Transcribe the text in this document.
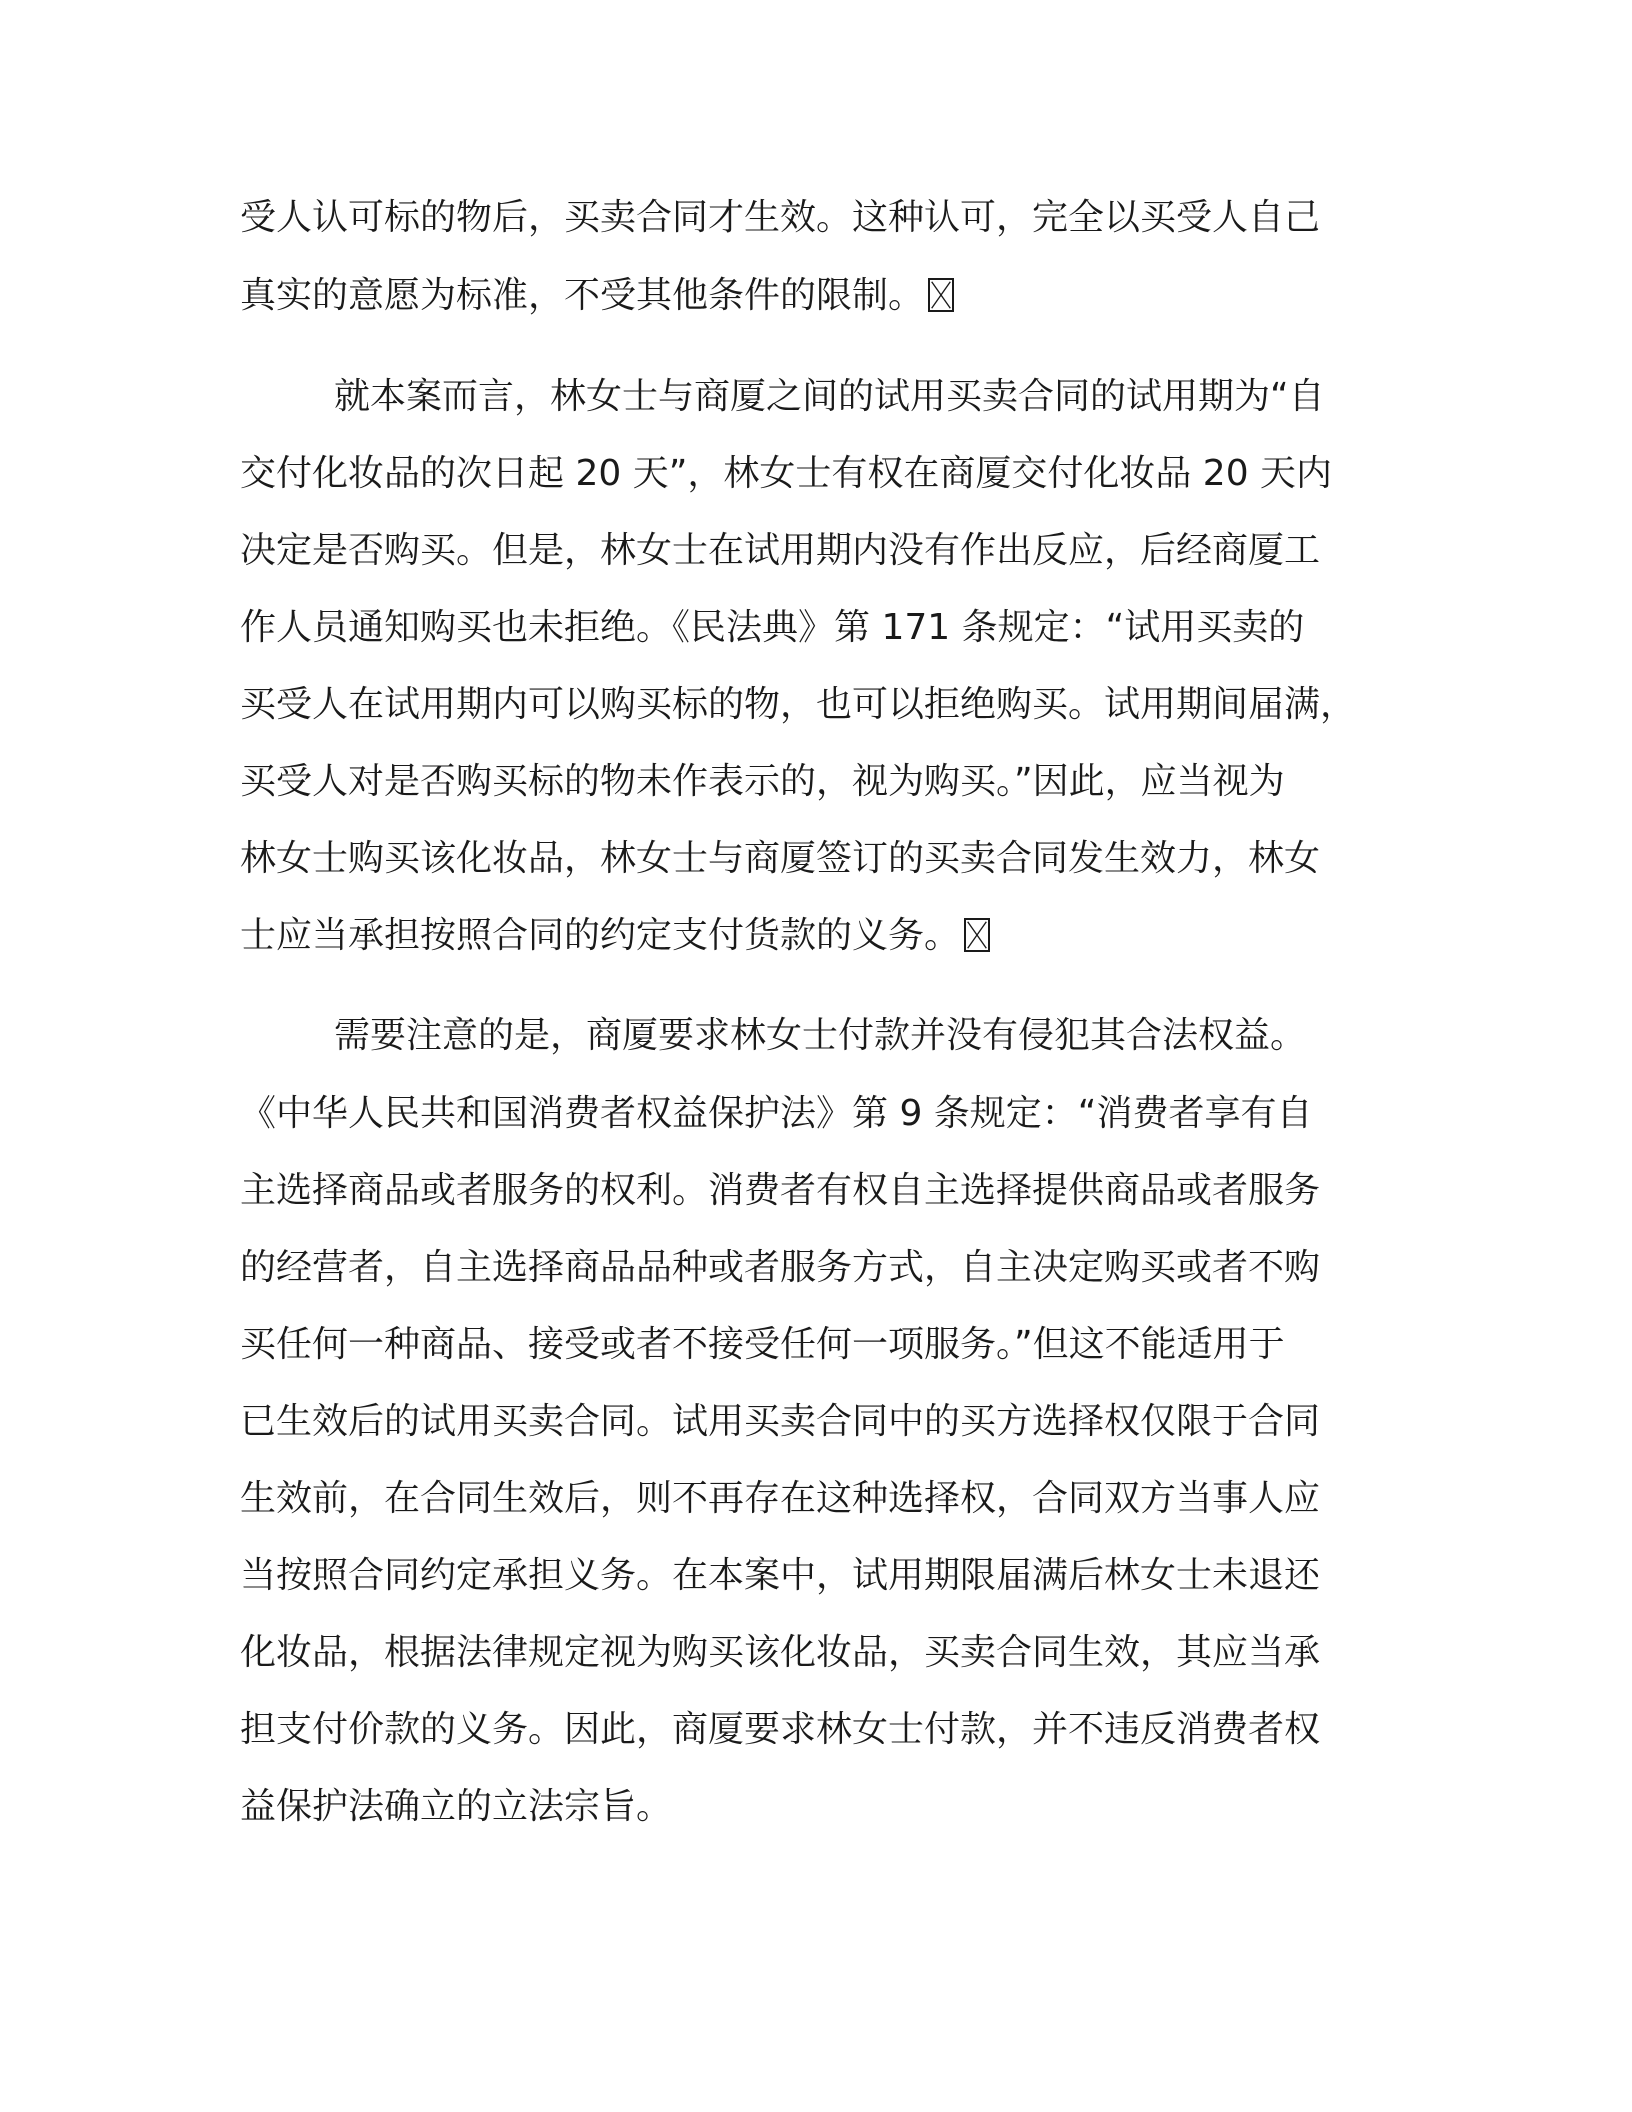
受人认可标的物后，买卖合同才生效。这种认可，完全以买受人自己
真实的意愿为标准，不受其他条件的限制。
就本案而言，林女士与商厦之间的试用买卖合同的试用期为“自
交付化妆品的次日起 20 天”，林女士有权在商厦交付化妆品 20 天内
决定是否购买。但是，林女士在试用期内没有作出反应，后经商厦工
作人员通知购买也未拒绝。《民法典》第 171 条规定：“试用买卖的
买受人在试用期内可以购买标的物，也可以拒绝购买。试用期间届满，
买受人对是否购买标的物未作表示的，视为购买。”因此，应当视为
林女士购买该化妆品，林女士与商厦签订的买卖合同发生效力，林女
士应当承担按照合同的约定支付货款的义务。
需要注意的是，商厦要求林女士付款并没有侵犯其合法权益。
《中华人民共和国消费者权益保护法》第 9 条规定：“消费者享有自
主选择商品或者服务的权利。消费者有权自主选择提供商品或者服务
的经营者，自主选择商品品种或者服务方式，自主决定购买或者不购
买任何一种商品、接受或者不接受任何一项服务。”但这不能适用于
已生效后的试用买卖合同。试用买卖合同中的买方选择权仅限于合同
生效前，在合同生效后，则不再存在这种选择权，合同双方当事人应
当按照合同约定承担义务。在本案中，试用期限届满后林女士未退还
化妆品，根据法律规定视为购买该化妆品，买卖合同生效，其应当承
担支付价款的义务。因此，商厦要求林女士付款，并不违反消费者权
益保护法确立的立法宗旨。
